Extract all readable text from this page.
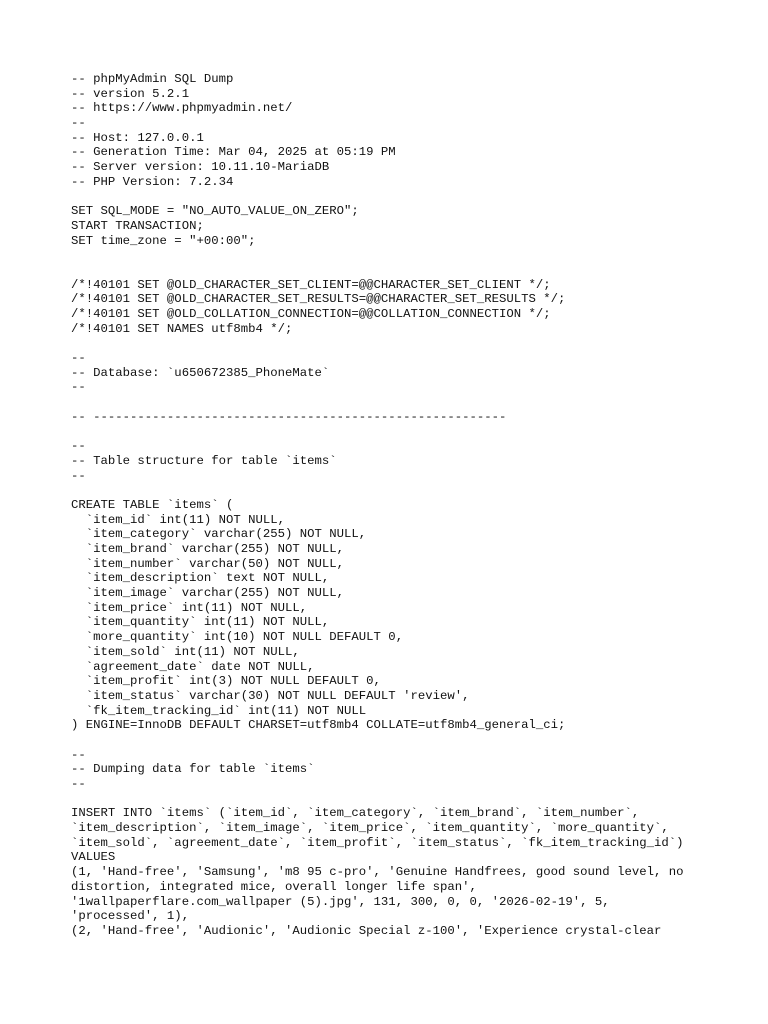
-- phpMyAdmin SQL Dump
-- version 5.2.1
-- https://www.phpmyadmin.net/
--
-- Host: 127.0.0.1
-- Generation Time: Mar 04, 2025 at 05:19 PM
-- Server version: 10.11.10-MariaDB
-- PHP Version: 7.2.34
SET SQL_MODE = "NO_AUTO_VALUE_ON_ZERO";
START TRANSACTION;
SET time_zone = "+00:00";
/*!40101 SET @OLD_CHARACTER_SET_CLIENT=@@CHARACTER_SET_CLIENT */;
/*!40101 SET @OLD_CHARACTER_SET_RESULTS=@@CHARACTER_SET_RESULTS */;
/*!40101 SET @OLD_COLLATION_CONNECTION=@@COLLATION_CONNECTION */;
/*!40101 SET NAMES utf8mb4 */;
--
-- Database: `u650672385_PhoneMate`
--
-- --------------------------------------------------------
--
-- Table structure for table `items`
--
CREATE TABLE `items` (
`item_id` int(11) NOT NULL,
`item_category` varchar(255) NOT NULL,
`item_brand` varchar(255) NOT NULL,
`item_number` varchar(50) NOT NULL,
`item_description` text NOT NULL,
`item_image` varchar(255) NOT NULL,
`item_price` int(11) NOT NULL,
`item_quantity` int(11) NOT NULL,
`more_quantity` int(10) NOT NULL DEFAULT 0,
`item_sold` int(11) NOT NULL,
`agreement_date` date NOT NULL,
`item_profit` int(3) NOT NULL DEFAULT 0,
`item_status` varchar(30) NOT NULL DEFAULT 'review',
`fk_item_tracking_id` int(11) NOT NULL
) ENGINE=InnoDB DEFAULT CHARSET=utf8mb4 COLLATE=utf8mb4_general_ci;
--
-- Dumping data for table `items`
--
INSERT INTO `items` (`item_id`, `item_category`, `item_brand`, `item_number`,
`item_description`, `item_image`, `item_price`, `item_quantity`, `more_quantity`,
`item_sold`, `agreement_date`, `item_profit`, `item_status`, `fk_item_tracking_id`)
VALUES
(1, 'Hand-free', 'Samsung', 'm8 95 c-pro', 'Genuine Handfrees, good sound level, no
distortion, integrated mice, overall longer life span',
'1wallpaperflare.com_wallpaper (5).jpg', 131, 300, 0, 0, '2026-02-19', 5,
'processed', 1),
(2, 'Hand-free', 'Audionic', 'Audionic Special z-100', 'Experience crystal-clear
